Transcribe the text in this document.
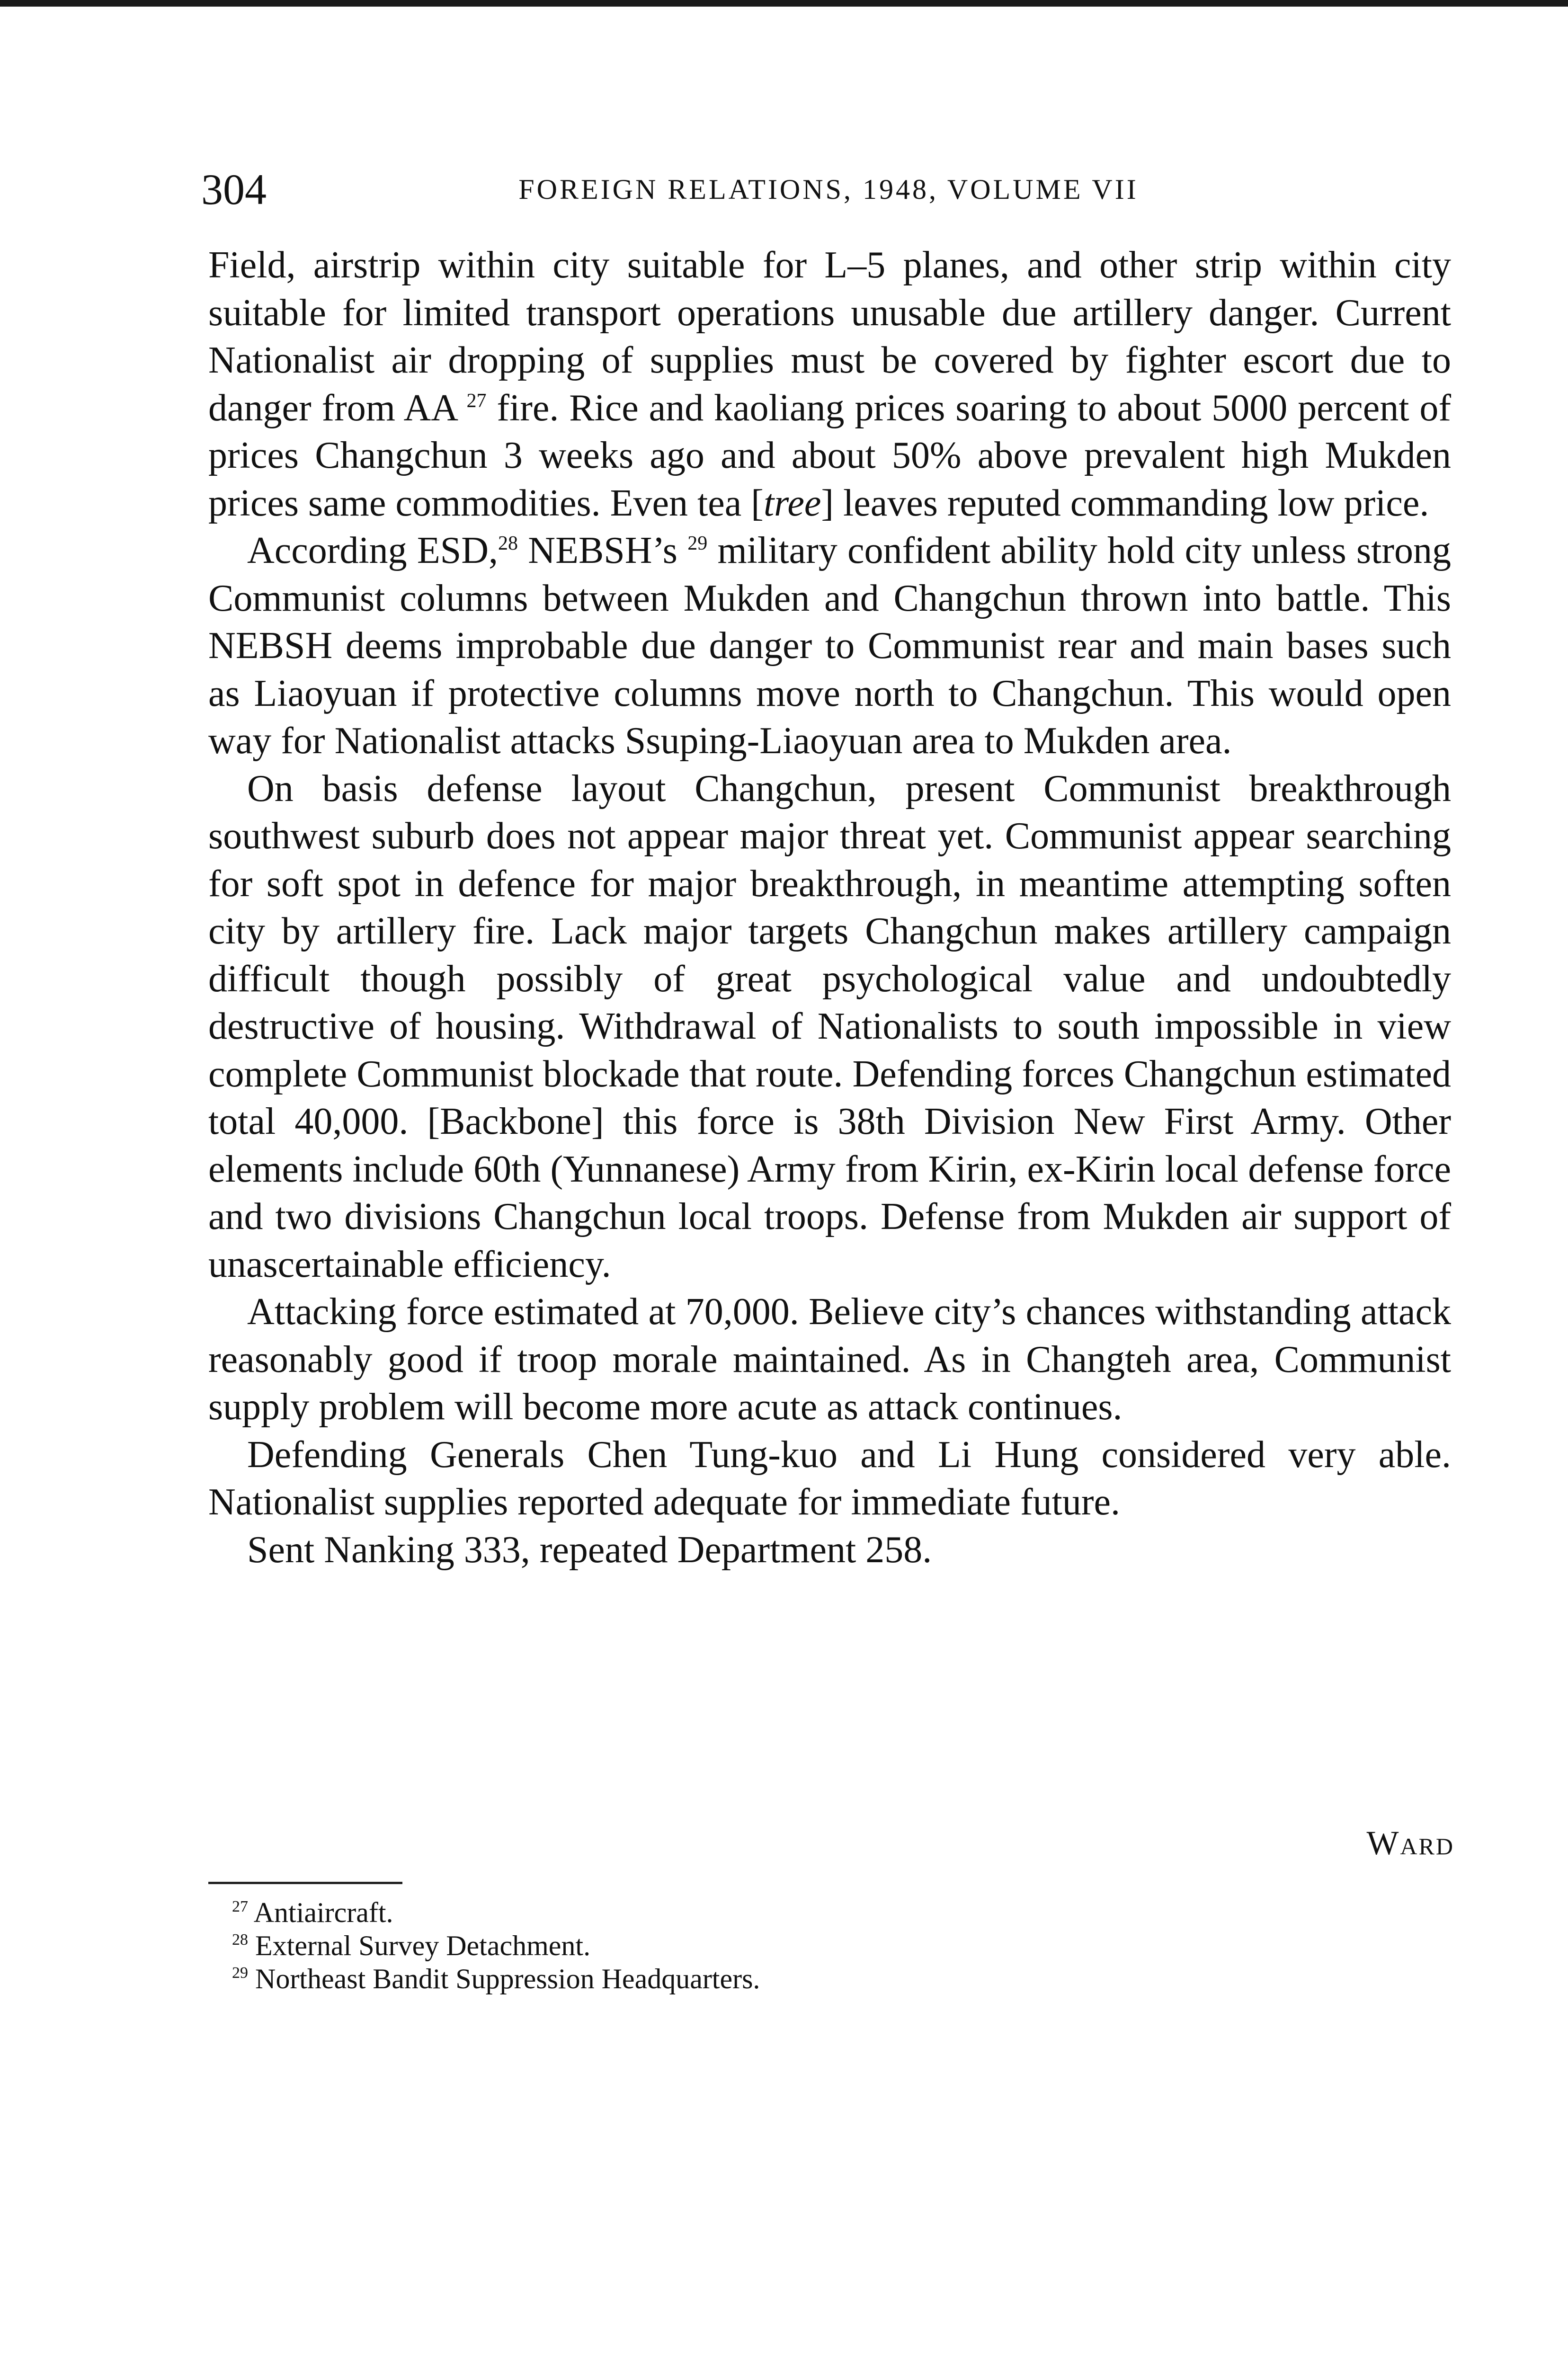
304	FOREIGN RELATIONS, 1948, VOLUME VII

Field, airstrip within city suitable for L–5 planes, and other strip within city suitable for limited transport operations unusable due artillery danger. Current Nationalist air dropping of supplies must be covered by fighter escort due to danger from AA $^{27}$ fire. Rice and kaoliang prices soaring to about 5000 percent of prices Changchun 3 weeks ago and about 50% above prevalent high Mukden prices same commodities. Even tea [tree] leaves reputed commanding low price.

According ESD,$^{28}$ NEBSH’s $^{29}$ military confident ability hold city unless strong Communist columns between Mukden and Changchun thrown into battle. This NEBSH deems improbable due danger to Communist rear and main bases such as Liaoyuan if protective columns move north to Changchun. This would open way for Nationalist attacks Ssuping-Liaoyuan area to Mukden area.

On basis defense layout Changchun, present Communist breakthrough southwest suburb does not appear major threat yet. Communist appear searching for soft spot in defence for major breakthrough, in meantime attempting soften city by artillery fire. Lack major targets Changchun makes artillery campaign difficult though possibly of great psychological value and undoubtedly destructive of housing. Withdrawal of Nationalists to south impossible in view complete Communist blockade that route. Defending forces Changchun estimated total 40,000. [Backbone] this force is 38th Division New First Army. Other elements include 60th (Yunnanese) Army from Kirin, ex-Kirin local defense force and two divisions Changchun local troops. Defense from Mukden air support of unascertainable efficiency.

Attacking force estimated at 70,000. Believe city’s chances withstanding attack reasonably good if troop morale maintained. As in Changteh area, Communist supply problem will become more acute as attack continues.

Defending Generals Chen Tung-kuo and Li Hung considered very able. Nationalist supplies reported adequate for immediate future.

Sent Nanking 333, repeated Department 258.

Ward
$^{27}$ Antiaircraft.
$^{28}$ External Survey Detachment.
$^{29}$ Northeast Bandit Suppression Headquarters.
